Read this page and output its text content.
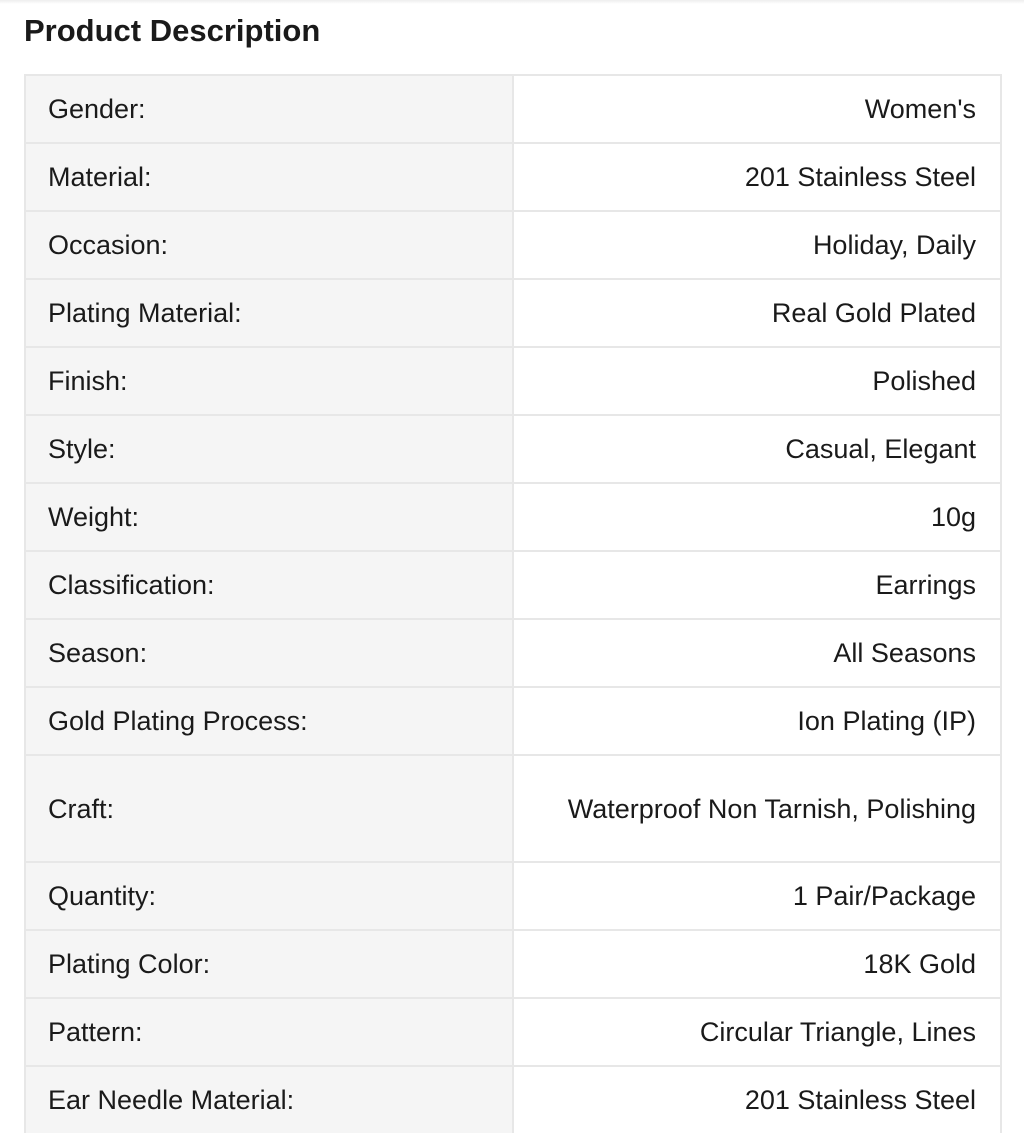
Product Description
Gender:	Women's
Material:	201 Stainless Steel
Occasion:	Holiday, Daily
Plating Material:	Real Gold Plated
Finish:	Polished
Style:	Casual, Elegant
Weight:	10g
Classification:	Earrings
Season:	All Seasons
Gold Plating Process:	Ion Plating (IP)
Craft:	Waterproof Non Tarnish, Polishing
Quantity:	1 Pair/Package
Plating Color:	18K Gold
Pattern:	Circular Triangle, Lines
Ear Needle Material:	201 Stainless Steel
